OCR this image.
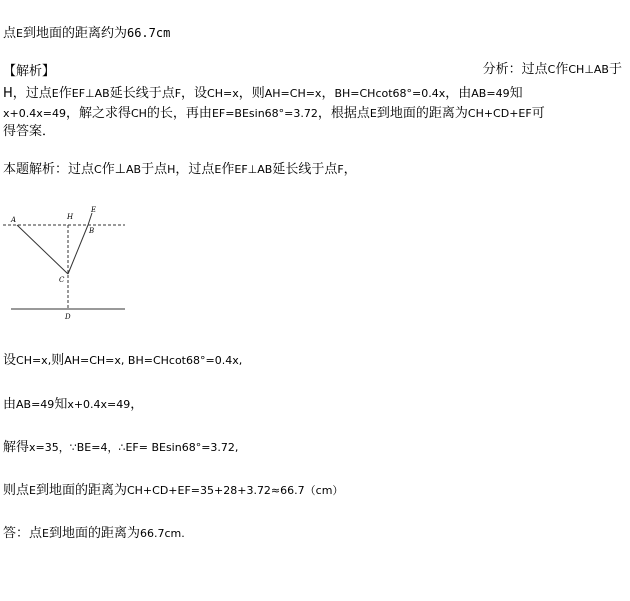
点E到地面的距离约为66.7cm
【解析】	分析：过点C作CH⊥AB于
H，过点E作EF⊥AB延长线于点F，设CH=x，则AH=CH=x，BH=CHcot68°=0.4x，由AB=49知
x+0.4x=49，解之求得CH的长，再由EF=BEsin68°=3.72，根据点E到地面的距离为CH+CD+EF可
得答案．
本题解析：过点C作⊥AB于点H，过点E作EF⊥AB延长线于点F，
A	H
E
B
C
D
设CH=x,则AH=CH=x, BH=CHcot68°=0.4x,
由AB=49知x+0.4x=49，
解得x=35，∵BE=4，∴EF= BEsin68°=3.72,
则点E到地面的距离为CH+CD+EF=35+28+3.72≈66.7（cm）
答：点E到地面的距离为66.7cm.
